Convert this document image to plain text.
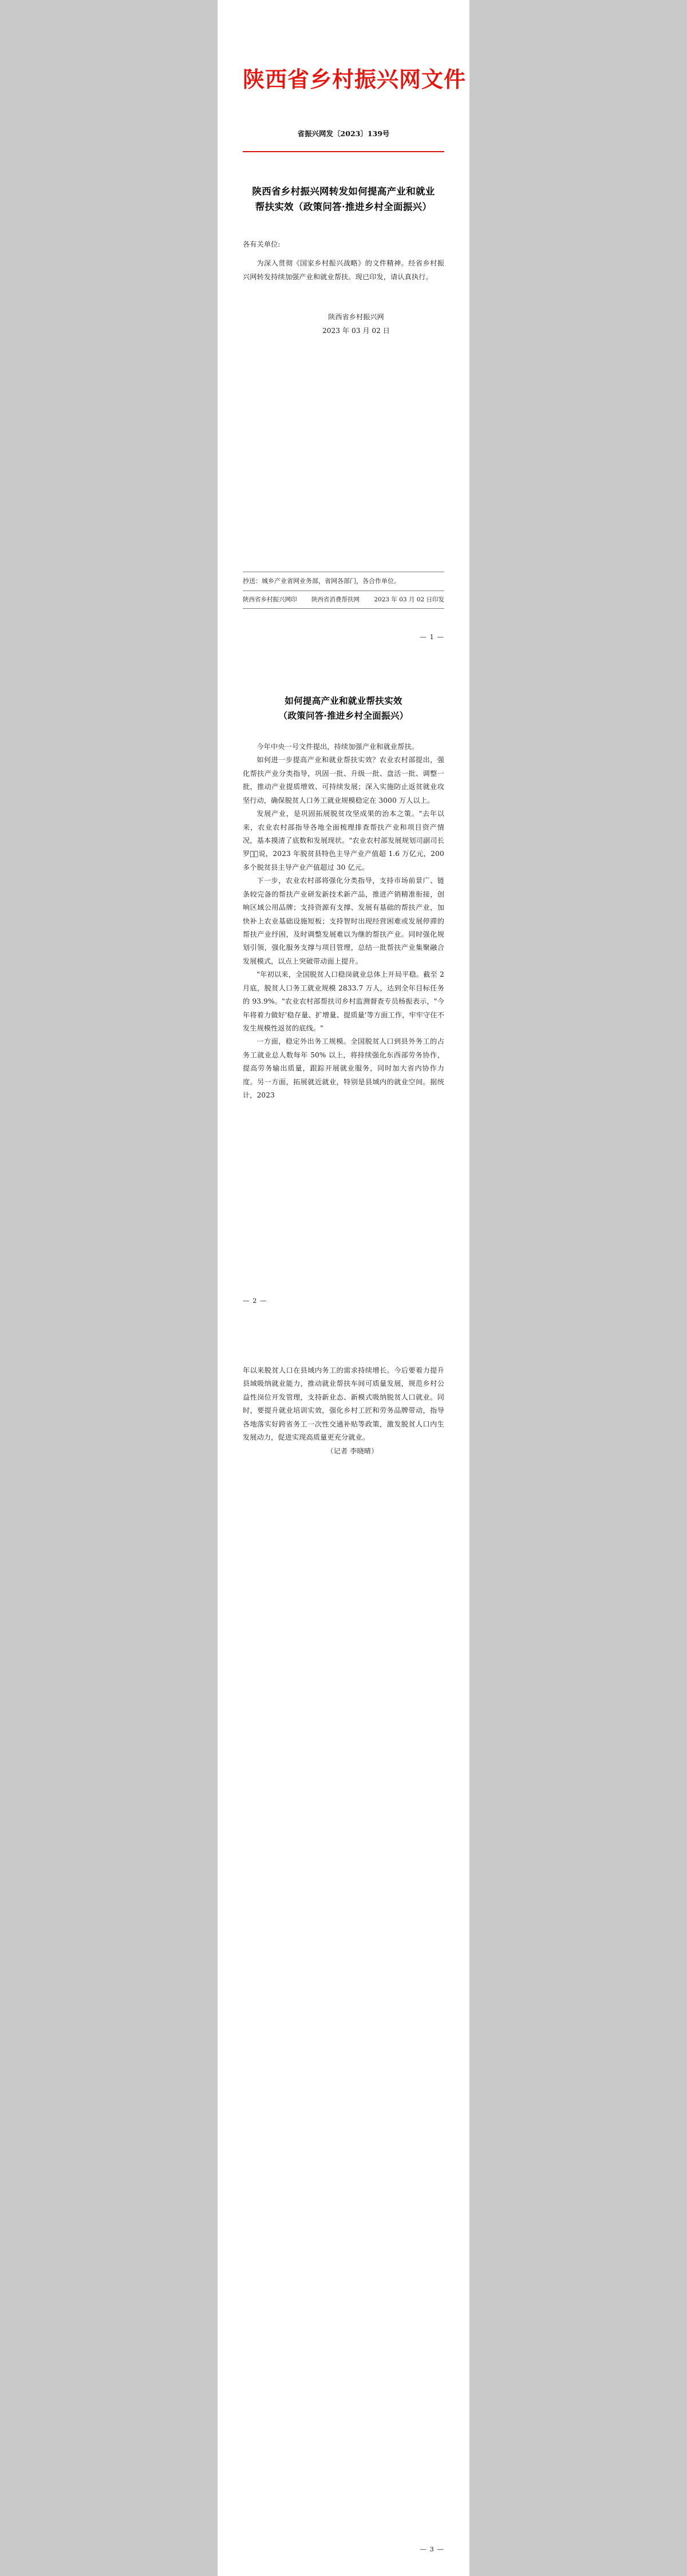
陕西省乡村振兴网文件
省振兴网发〔2023〕139号
陕西省乡村振兴网转发如何提高产业和就业
帮扶实效（政策问答·推进乡村全面振兴）
各有关单位:
为深入贯彻《国家乡村振兴战略》的文件精神。经省乡村振兴网转发持续加强产业和就业帮扶。现已印发，请认真执行。
陕西省乡村振兴网
2023 年 03 月 02 日
抄送：城乡产业省网业务部，省网各部门，各合作单位。
陕西省乡村振兴网印 陕西省消费帮扶网 2023 年 03 月 02 日印发
— 1 —
如何提高产业和就业帮扶实效
（政策问答·推进乡村全面振兴）

今年中央一号文件提出，持续加强产业和就业帮扶。

如何进一步提高产业和就业帮扶实效？农业农村部提出，强化帮扶产业分类指导，巩固一批、升级一批、盘活一批、调整一批，推动产业提质增效、可持续发展；深入实施防止返贫就业攻坚行动，确保脱贫人口务工就业规模稳定在 3000 万人以上。

发展产业，是巩固拓展脱贫攻坚成果的治本之策。"去年以来，农业农村部指导各地全面梳理排查帮扶产业和项目资产情况，基本摸清了底数和发展现状。"农业农村部发展规划司副司长罗先ِ说，2023 年脱贫县特色主导产业产值超 1.6 万亿元，200 多个脱贫县主导产业产值超过 30 亿元。

下一步，农业农村部将强化分类指导，支持市场前景广、链条较完备的帮扶产业研发新技术新产品，推进产销精准衔接，创响区域公用品牌；支持资源有支撑、发展有基础的帮扶产业，加快补上农业基础设施短板；支持智时出现经营困难或发展停滞的帮扶产业纾困，及时调整发展难以为继的帮扶产业。同时强化规划引领，强化服务支撑与项目管理，总结一批帮扶产业集聚融合发展模式，以点上突破带动面上提升。

"年初以来，全国脱贫人口稳岗就业总体上开局平稳。截至 2 月底，脱贫人口务工就业规模 2833.7 万人，达到全年目标任务的 93.9%。"农业农村部帮扶司乡村监测督查专员杨振表示，"今年将着力做好'稳存量、扩增量、提质量'等方面工作，牢牢守住不发生规模性返贫的底线。"

一方面，稳定外出务工规模。全国脱贫人口到县外务工的占务工就业总人数每年 50% 以上，将持续强化东西部劳务协作，提高劳务输出质量，跟踪开展就业服务，同时加大省内协作力度。另一方面，拓展就近就业，特别是县域内的就业空间。据统计，2023

— 2 —

年以来脱贫人口在县域内务工的需求持续增长。今后要着力提升县域吸纳就业能力，推动就业帮扶车间可质量发展，规范乡村公益性岗位开发管理，支持新业态、新模式吸纳脱贫人口就业。同时，要提升就业培训实效，强化乡村工匠和劳务品牌带动，指导各地落实好跨省务工一次性交通补贴等政策，激发脱贫人口内生发展动力，促进实现高质量更充分就业。

（记者 李晓晴）

— 3 —
